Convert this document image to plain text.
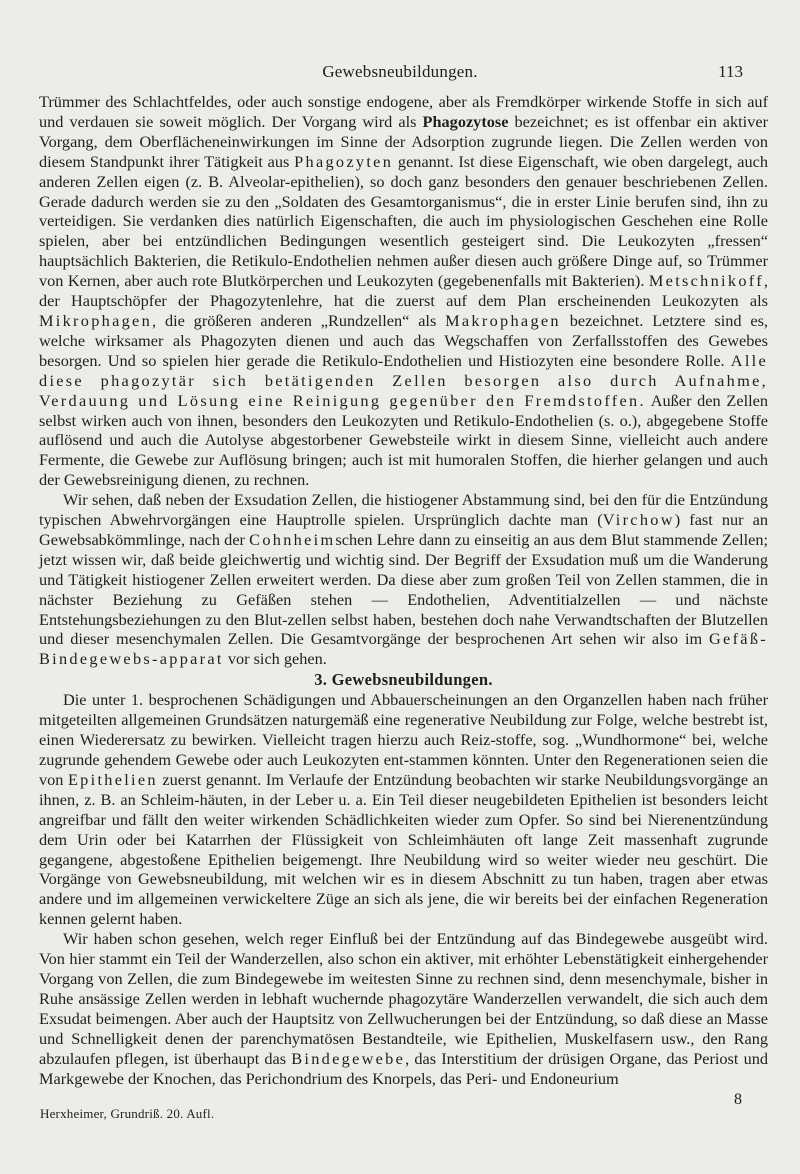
Gewebsneubildungen.	113

Trümmer des Schlachtfeldes, oder auch sonstige endogene, aber als Fremdkörper wirkende Stoffe in sich auf und verdauen sie soweit möglich. Der Vorgang wird als Phagozytose bezeichnet; es ist offenbar ein aktiver Vorgang, dem Oberflächeneinwirkungen im Sinne der Adsorption zugrunde liegen. Die Zellen werden von diesem Standpunkt ihrer Tätigkeit aus Phagozyten genannt. Ist diese Eigenschaft, wie oben dargelegt, auch anderen Zellen eigen (z. B. Alveolar-epithelien), so doch ganz besonders den genauer beschriebenen Zellen. Gerade dadurch werden sie zu den „Soldaten des Gesamtorganismus“, die in erster Linie berufen sind, ihn zu verteidigen. Sie verdanken dies natürlich Eigenschaften, die auch im physiologischen Geschehen eine Rolle spielen, aber bei entzündlichen Bedingungen wesentlich gesteigert sind. Die Leukozyten „fressen“ hauptsächlich Bakterien, die Retikulo-Endothelien nehmen außer diesen auch größere Dinge auf, so Trümmer von Kernen, aber auch rote Blutkörperchen und Leukozyten (gegebenenfalls mit Bakterien). Metschnikoff, der Hauptschöpfer der Phagozytenlehre, hat die zuerst auf dem Plan erscheinenden Leukozyten als Mikrophagen, die größeren anderen „Rundzellen“ als Makrophagen bezeichnet. Letztere sind es, welche wirksamer als Phagozyten dienen und auch das Wegschaffen von Zerfallsstoffen des Gewebes besorgen. Und so spielen hier gerade die Retikulo-Endothelien und Histiozyten eine besondere Rolle. Alle diese phagozytär sich betätigenden Zellen besorgen also durch Aufnahme, Verdauung und Lösung eine Reinigung gegenüber den Fremdstoffen. Außer den Zellen selbst wirken auch von ihnen, besonders den Leukozyten und Retikulo-Endothelien (s. o.), abgegebene Stoffe auflösend und auch die Autolyse abgestorbener Gewebsteile wirkt in diesem Sinne, vielleicht auch andere Fermente, die Gewebe zur Auflösung bringen; auch ist mit humoralen Stoffen, die hierher gelangen und auch der Gewebsreinigung dienen, zu rechnen.

Wir sehen, daß neben der Exsudation Zellen, die histiogener Abstammung sind, bei den für die Entzündung typischen Abwehrvorgängen eine Hauptrolle spielen. Ursprünglich dachte man (Virchow) fast nur an Gewebsabkömmlinge, nach der Cohnheimschen Lehre dann zu einseitig an aus dem Blut stammende Zellen; jetzt wissen wir, daß beide gleichwertig und wichtig sind. Der Begriff der Exsudation muß um die Wanderung und Tätigkeit histiogener Zellen erweitert werden. Da diese aber zum großen Teil von Zellen stammen, die in nächster Beziehung zu Gefäßen stehen — Endothelien, Adventitialzellen — und nächste Entstehungsbeziehungen zu den Blut-zellen selbst haben, bestehen doch nahe Verwandtschaften der Blutzellen und dieser mesenchymalen Zellen. Die Gesamtvorgänge der besprochenen Art sehen wir also im Gefäß-Bindegewebs-apparat vor sich gehen.

3. Gewebsneubildungen.

Die unter 1. besprochenen Schädigungen und Abbauerscheinungen an den Organzellen haben nach früher mitgeteilten allgemeinen Grundsätzen naturgemäß eine regenerative Neubildung zur Folge, welche bestrebt ist, einen Wiederersatz zu bewirken. Vielleicht tragen hierzu auch Reiz-stoffe, sog. „Wundhormone“ bei, welche zugrunde gehendem Gewebe oder auch Leukozyten ent-stammen könnten. Unter den Regenerationen seien die von Epithelien zuerst genannt. Im Verlaufe der Entzündung beobachten wir starke Neubildungsvorgänge an ihnen, z. B. an Schleim-häuten, in der Leber u. a. Ein Teil dieser neugebildeten Epithelien ist besonders leicht angreifbar und fällt den weiter wirkenden Schädlichkeiten wieder zum Opfer. So sind bei Nierenentzündung dem Urin oder bei Katarrhen der Flüssigkeit von Schleimhäuten oft lange Zeit massenhaft zugrunde gegangene, abgestoßene Epithelien beigemengt. Ihre Neubildung wird so weiter wieder neu geschürt. Die Vorgänge von Gewebsneubildung, mit welchen wir es in diesem Abschnitt zu tun haben, tragen aber etwas andere und im allgemeinen verwickeltere Züge an sich als jene, die wir bereits bei der einfachen Regeneration kennen gelernt haben.

Wir haben schon gesehen, welch reger Einfluß bei der Entzündung auf das Bindegewebe ausgeübt wird. Von hier stammt ein Teil der Wanderzellen, also schon ein aktiver, mit erhöhter Lebenstätigkeit einhergehender Vorgang von Zellen, die zum Bindegewebe im weitesten Sinne zu rechnen sind, denn mesenchymale, bisher in Ruhe ansässige Zellen werden in lebhaft wuchernde phagozytäre Wanderzellen verwandelt, die sich auch dem Exsudat beimengen. Aber auch der Hauptsitz von Zellwucherungen bei der Entzündung, so daß diese an Masse und Schnelligkeit denen der parenchymatösen Bestandteile, wie Epithelien, Muskelfasern usw., den Rang abzulaufen pflegen, ist überhaupt das Bindegewebe, das Interstitium der drüsigen Organe, das Periost und Markgewebe der Knochen, das Perichondrium des Knorpels, das Peri- und Endoneurium

8
Herxheimer, Grundriß. 20. Aufl.
